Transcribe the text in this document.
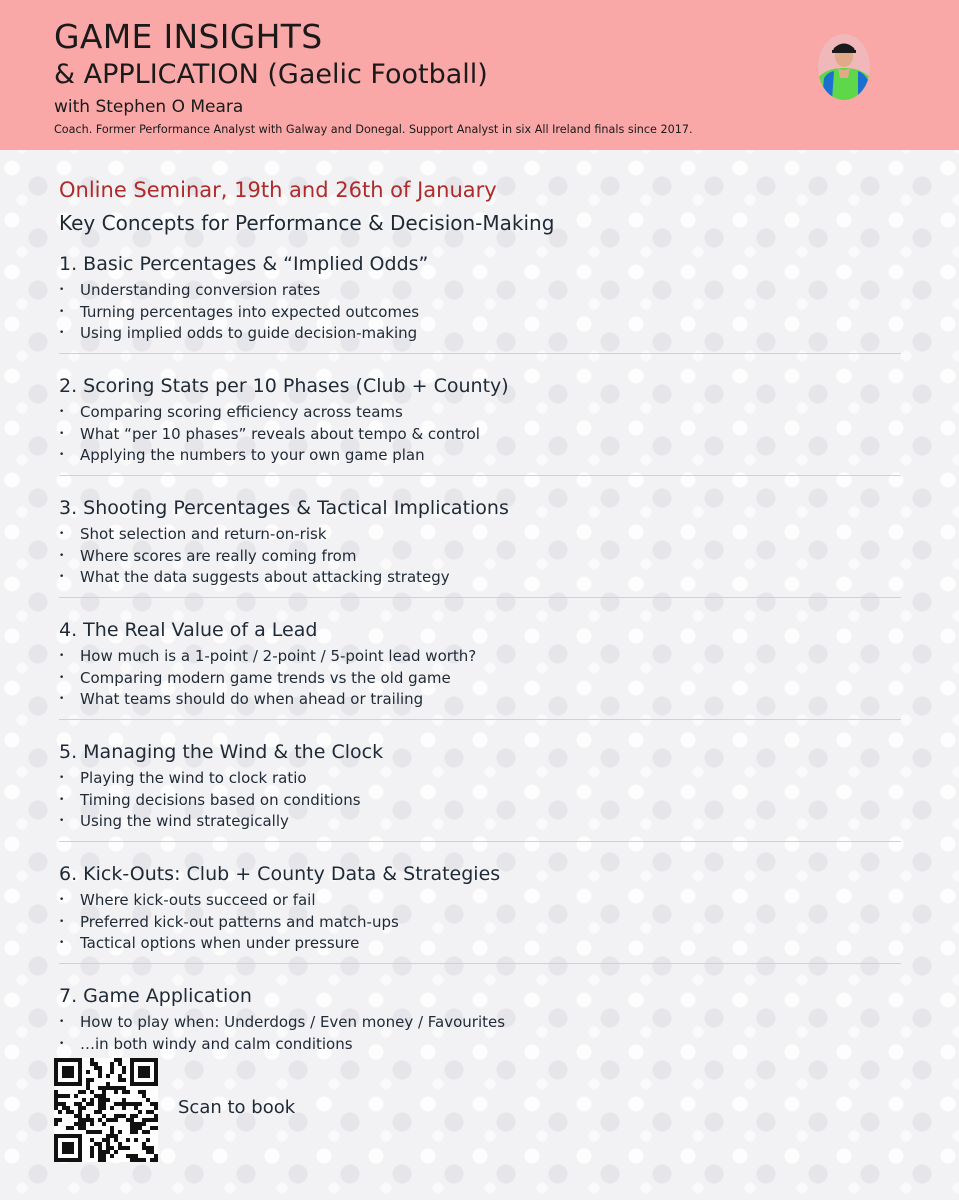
GAME INSIGHTS
& APPLICATION (Gaelic Football)
with Stephen O Meara
Coach. Former Performance Analyst with Galway and Donegal. Support Analyst in six All Ireland finals since 2017.
Online Seminar, 19th and 26th of January
Key Concepts for Performance & Decision-Making
1. Basic Percentages & “Implied Odds”
• Understanding conversion rates
• Turning percentages into expected outcomes
• Using implied odds to guide decision-making
2. Scoring Stats per 10 Phases (Club + County)
• Comparing scoring efficiency across teams
• What “per 10 phases” reveals about tempo & control
• Applying the numbers to your own game plan
3. Shooting Percentages & Tactical Implications
• Shot selection and return-on-risk
• Where scores are really coming from
• What the data suggests about attacking strategy
4. The Real Value of a Lead
• How much is a 1-point / 2-point / 5-point lead worth?
• Comparing modern game trends vs the old game
• What teams should do when ahead or trailing
5. Managing the Wind & the Clock
• Playing the wind to clock ratio
• Timing decisions based on conditions
• Using the wind strategically
6. Kick-Outs: Club + County Data & Strategies
• Where kick-outs succeed or fail
• Preferred kick-out patterns and match-ups
• Tactical options when under pressure
7. Game Application
• How to play when: Underdogs / Even money / Favourites
• …in both windy and calm conditions
Scan to book
